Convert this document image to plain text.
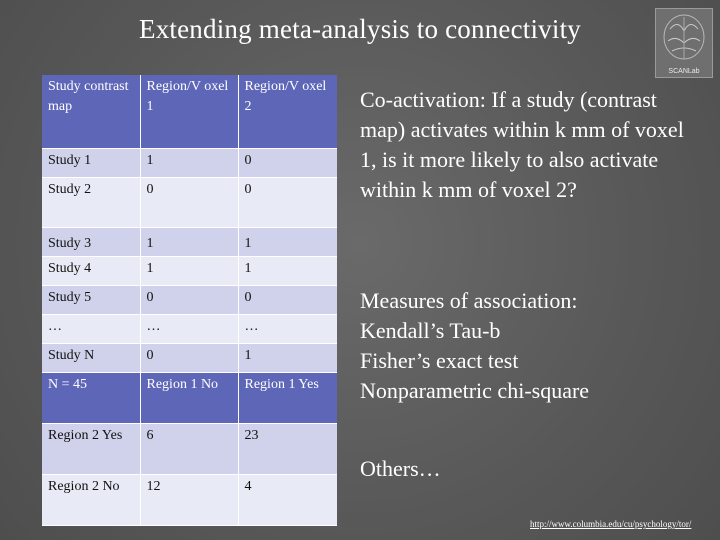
Extending meta-analysis to connectivity
SCANLab
Study contrast map	Region/V oxel 1	Region/V oxel 2
Study 1	1	0
Study 2	0	0
Study 3	1	1
Study 4	1	1
Study 5	0	0
…	…	…
Study N	0	1
N = 45	Region 1 No	Region 1 Yes
Region 2 Yes	6	23
Region 2 No	12	4
Co-activation: If a study (contrast map) activates within k mm of voxel 1, is it more likely to also activate within k mm of voxel 2?
Measures of association:
Kendall’s Tau-b
Fisher’s exact test
Nonparametric chi-square
Others…
http://www.columbia.edu/cu/psychology/tor/
